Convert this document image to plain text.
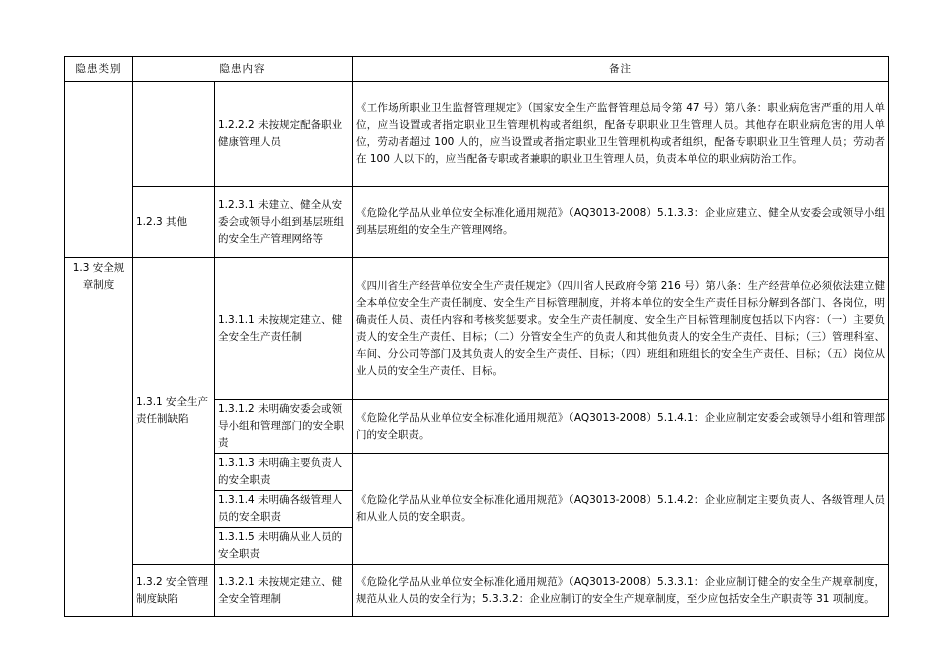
隐患类别	隐患内容		备注
		1.2.2.2 未按规定配备职业健康管理人员	《工作场所职业卫生监督管理规定》（国家安全生产监督管理总局令第 47 号）第八条：职业病危害严重的用人单位，应当设置或者指定职业卫生管理机构或者组织，配备专职职业卫生管理人员。其他存在职业病危害的用人单位，劳动者超过 100 人的，应当设置或者指定职业卫生管理机构或者组织，配备专职职业卫生管理人员；劳动者在 100 人以下的，应当配备专职或者兼职的职业卫生管理人员，负责本单位的职业病防治工作。
	1.2.3 其他	1.2.3.1 未建立、健全从安委会或领导小组到基层班组的安全生产管理网络等	《危险化学品从业单位安全标准化通用规范》（AQ3013-2008）5.1.3.3：企业应建立、健全从安委会或领导小组到基层班组的安全生产管理网络。
1.3 安全规章制度	1.3.1 安全生产责任制缺陷	1.3.1.1 未按规定建立、健全安全生产责任制	《四川省生产经营单位安全生产责任规定》（四川省人民政府令第 216 号）第八条：生产经营单位必须依法建立健全本单位安全生产责任制度、安全生产目标管理制度，并将本单位的安全生产责任目标分解到各部门、各岗位，明确责任人员、责任内容和考核奖惩要求。安全生产责任制度、安全生产目标管理制度包括以下内容：（一）主要负责人的安全生产责任、目标；（二）分管安全生产的负责人和其他负责人的安全生产责任、目标；（三）管理科室、车间、分公司等部门及其负责人的安全生产责任、目标；（四）班组和班组长的安全生产责任、目标；（五）岗位从业人员的安全生产责任、目标。
		1.3.1.2 未明确安委会或领导小组和管理部门的安全职责	《危险化学品从业单位安全标准化通用规范》（AQ3013-2008）5.1.4.1：企业应制定安委会或领导小组和管理部门的安全职责。
		1.3.1.3 未明确主要负责人的安全职责	《危险化学品从业单位安全标准化通用规范》（AQ3013-2008）5.1.4.2：企业应制定主要负责人、各级管理人员和从业人员的安全职责。
		1.3.1.4 未明确各级管理人员的安全职责	
		1.3.1.5 未明确从业人员的安全职责	
	1.3.2 安全管理制度缺陷	1.3.2.1 未按规定建立、健全安全管理制	《危险化学品从业单位安全标准化通用规范》（AQ3013-2008）5.3.3.1：企业应制订健全的安全生产规章制度，规范从业人员的安全行为；5.3.3.2：企业应制订的安全生产规章制度，至少应包括安全生产职责等 31 项制度。
